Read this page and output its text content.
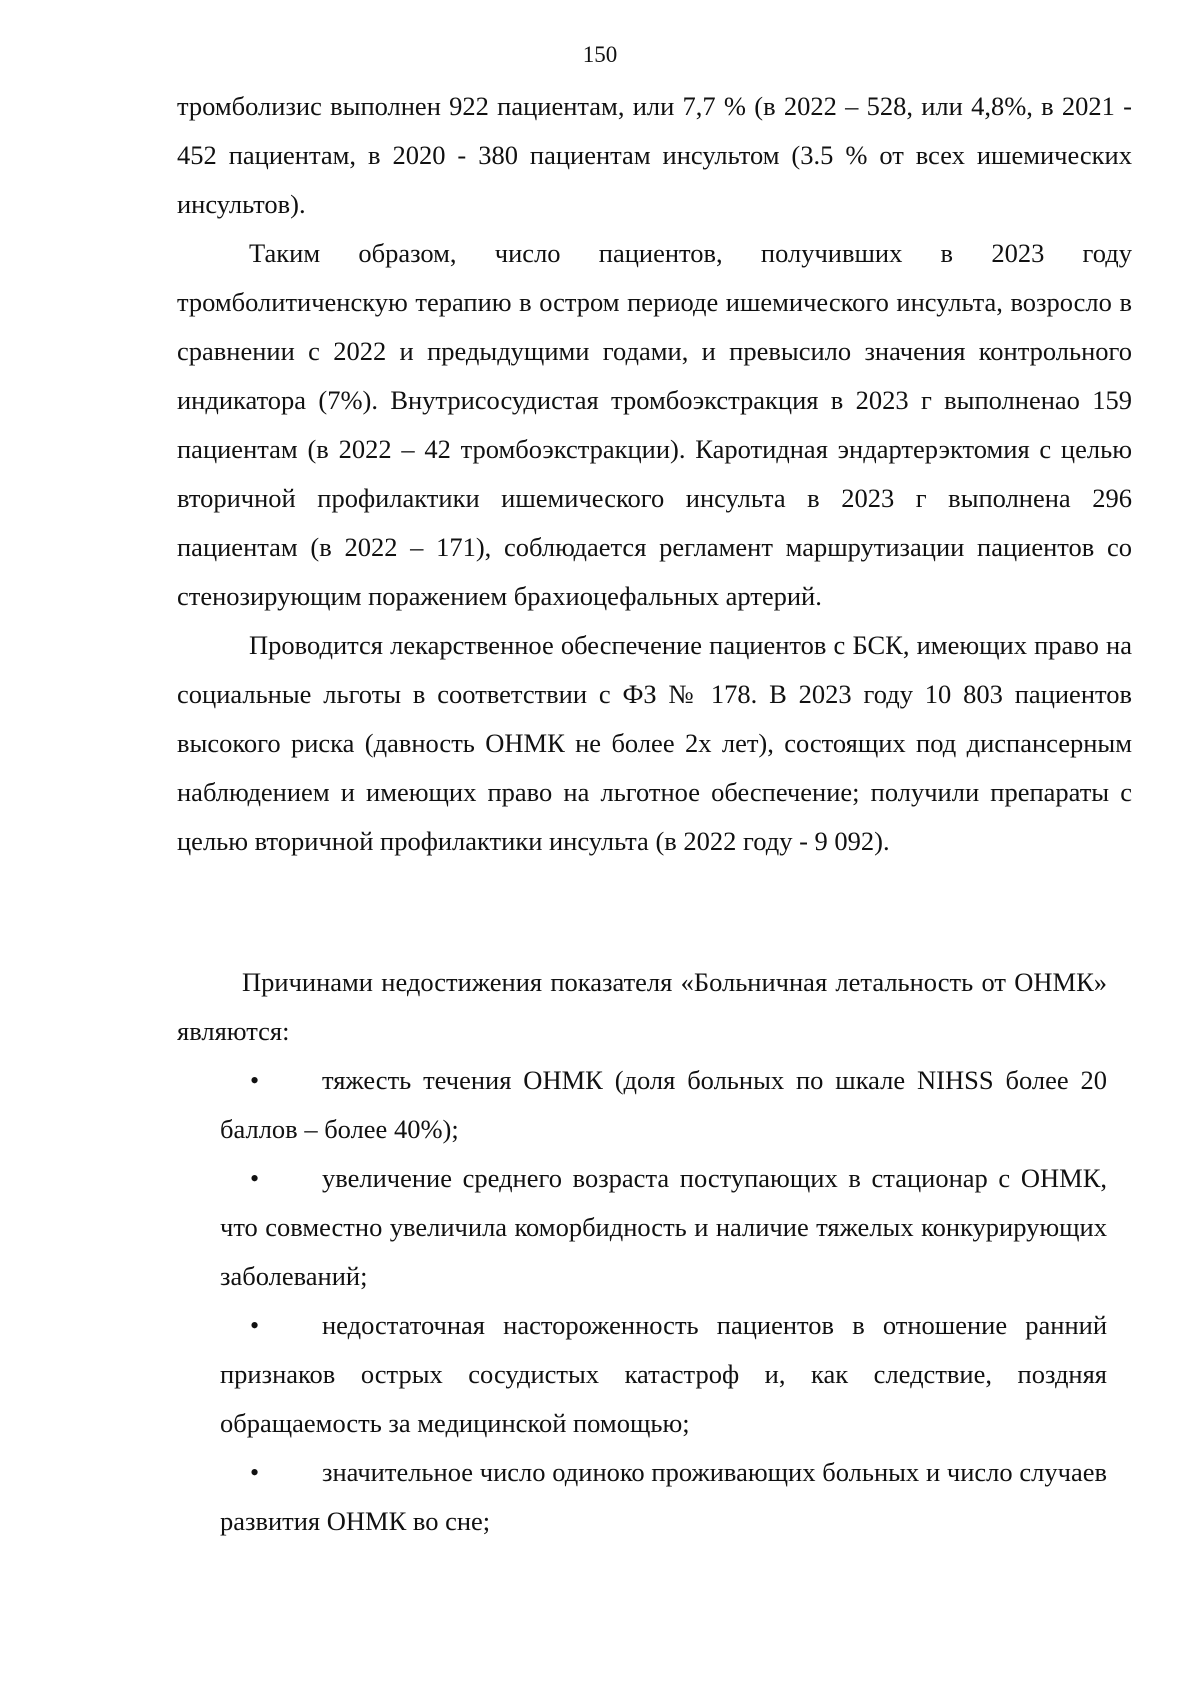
150

тромболизис выполнен 922 пациентам, или 7,7 % (в 2022 – 528, или 4,8%, в 2021 - 452 пациентам, в 2020 - 380 пациентам инсультом (3.5 % от всех ишемических инсультов).

Таким образом, число пациентов, получивших в 2023 году тромболитиченскую терапию в остром периоде ишемического инсульта, возросло в сравнении с 2022 и предыдущими годами, и превысило значения контрольного индикатора (7%). Внутрисосудистая тромбоэкстракция в 2023 г выполненао 159 пациентам (в 2022 – 42 тромбоэкстракции). Каротидная эндартерэктомия с целью вторичной профилактики ишемического инсульта в 2023 г выполнена 296 пациентам (в 2022 – 171), соблюдается регламент маршрутизации пациентов со стенозирующим поражением брахиоцефальных артерий.

Проводится лекарственное обеспечение пациентов с БСК, имеющих право на социальные льготы в соответствии с ФЗ № 178. В 2023 году 10 803 пациентов высокого риска (давность ОНМК не более 2х лет), состоящих под диспансерным наблюдением и имеющих право на льготное обеспечение; получили препараты с целью вторичной профилактики инсульта (в 2022 году - 9 092).

Причинами недостижения показателя «Больничная летальность от ОНМК» являются:

• тяжесть течения ОНМК (доля больных по шкале NIHSS более 20 баллов – более 40%);
• увеличение среднего возраста поступающих в стационар с ОНМК, что совместно увеличила коморбидность и наличие тяжелых конкурирующих заболеваний;
• недостаточная настороженность пациентов в отношение ранний признаков острых сосудистых катастроф и, как следствие, поздняя обращаемость за медицинской помощью;
• значительное число одиноко проживающих больных и число случаев развития ОНМК во сне;
